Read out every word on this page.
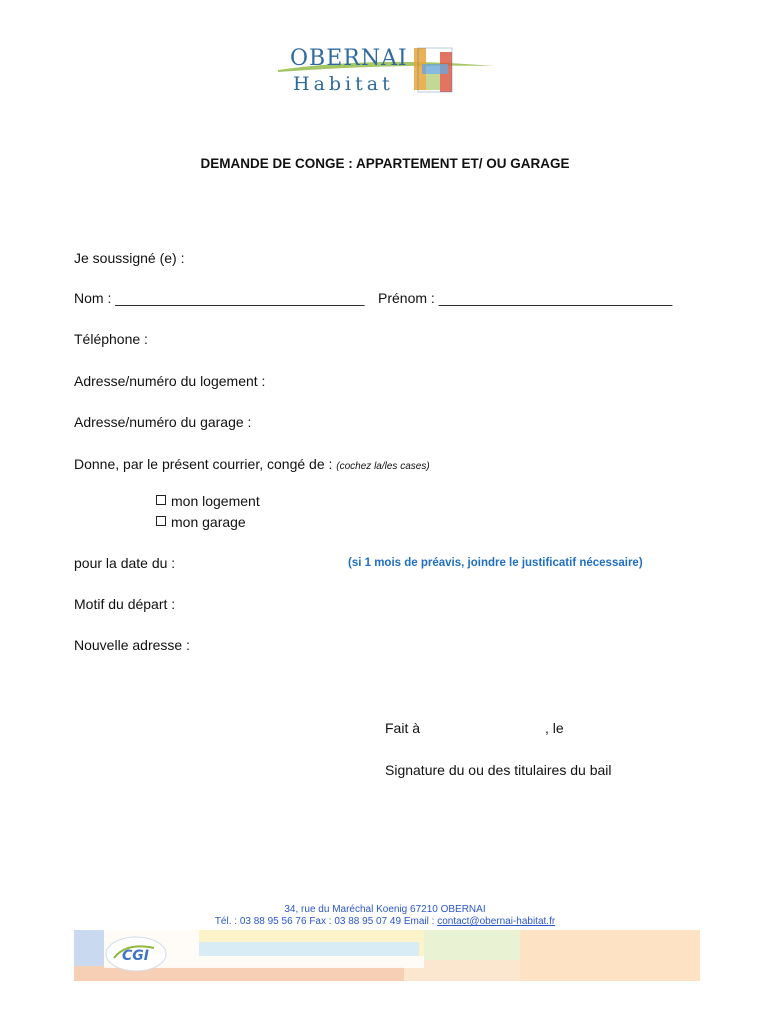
OBERNAI
Habitat
DEMANDE DE CONGE : APPARTEMENT ET/ OU GARAGE
Je soussigné (e) :
Nom : ________________________________ Prénom : ______________________________
Téléphone :
Adresse/numéro du logement :
Adresse/numéro du garage :
Donne, par le présent courrier, congé de : (cochez la/les cases)
mon logement
mon garage
pour la date du :	(si 1 mois de préavis, joindre le justificatif nécessaire)
Motif du départ :
Nouvelle adresse :
Fait à	, le
Signature du ou des titulaires du bail
34, rue du Maréchal Koenig 67210 OBERNAI
Tél. : 03 88 95 56 76 Fax : 03 88 95 07 49 Email : contact@obernai-habitat.fr
CGI
